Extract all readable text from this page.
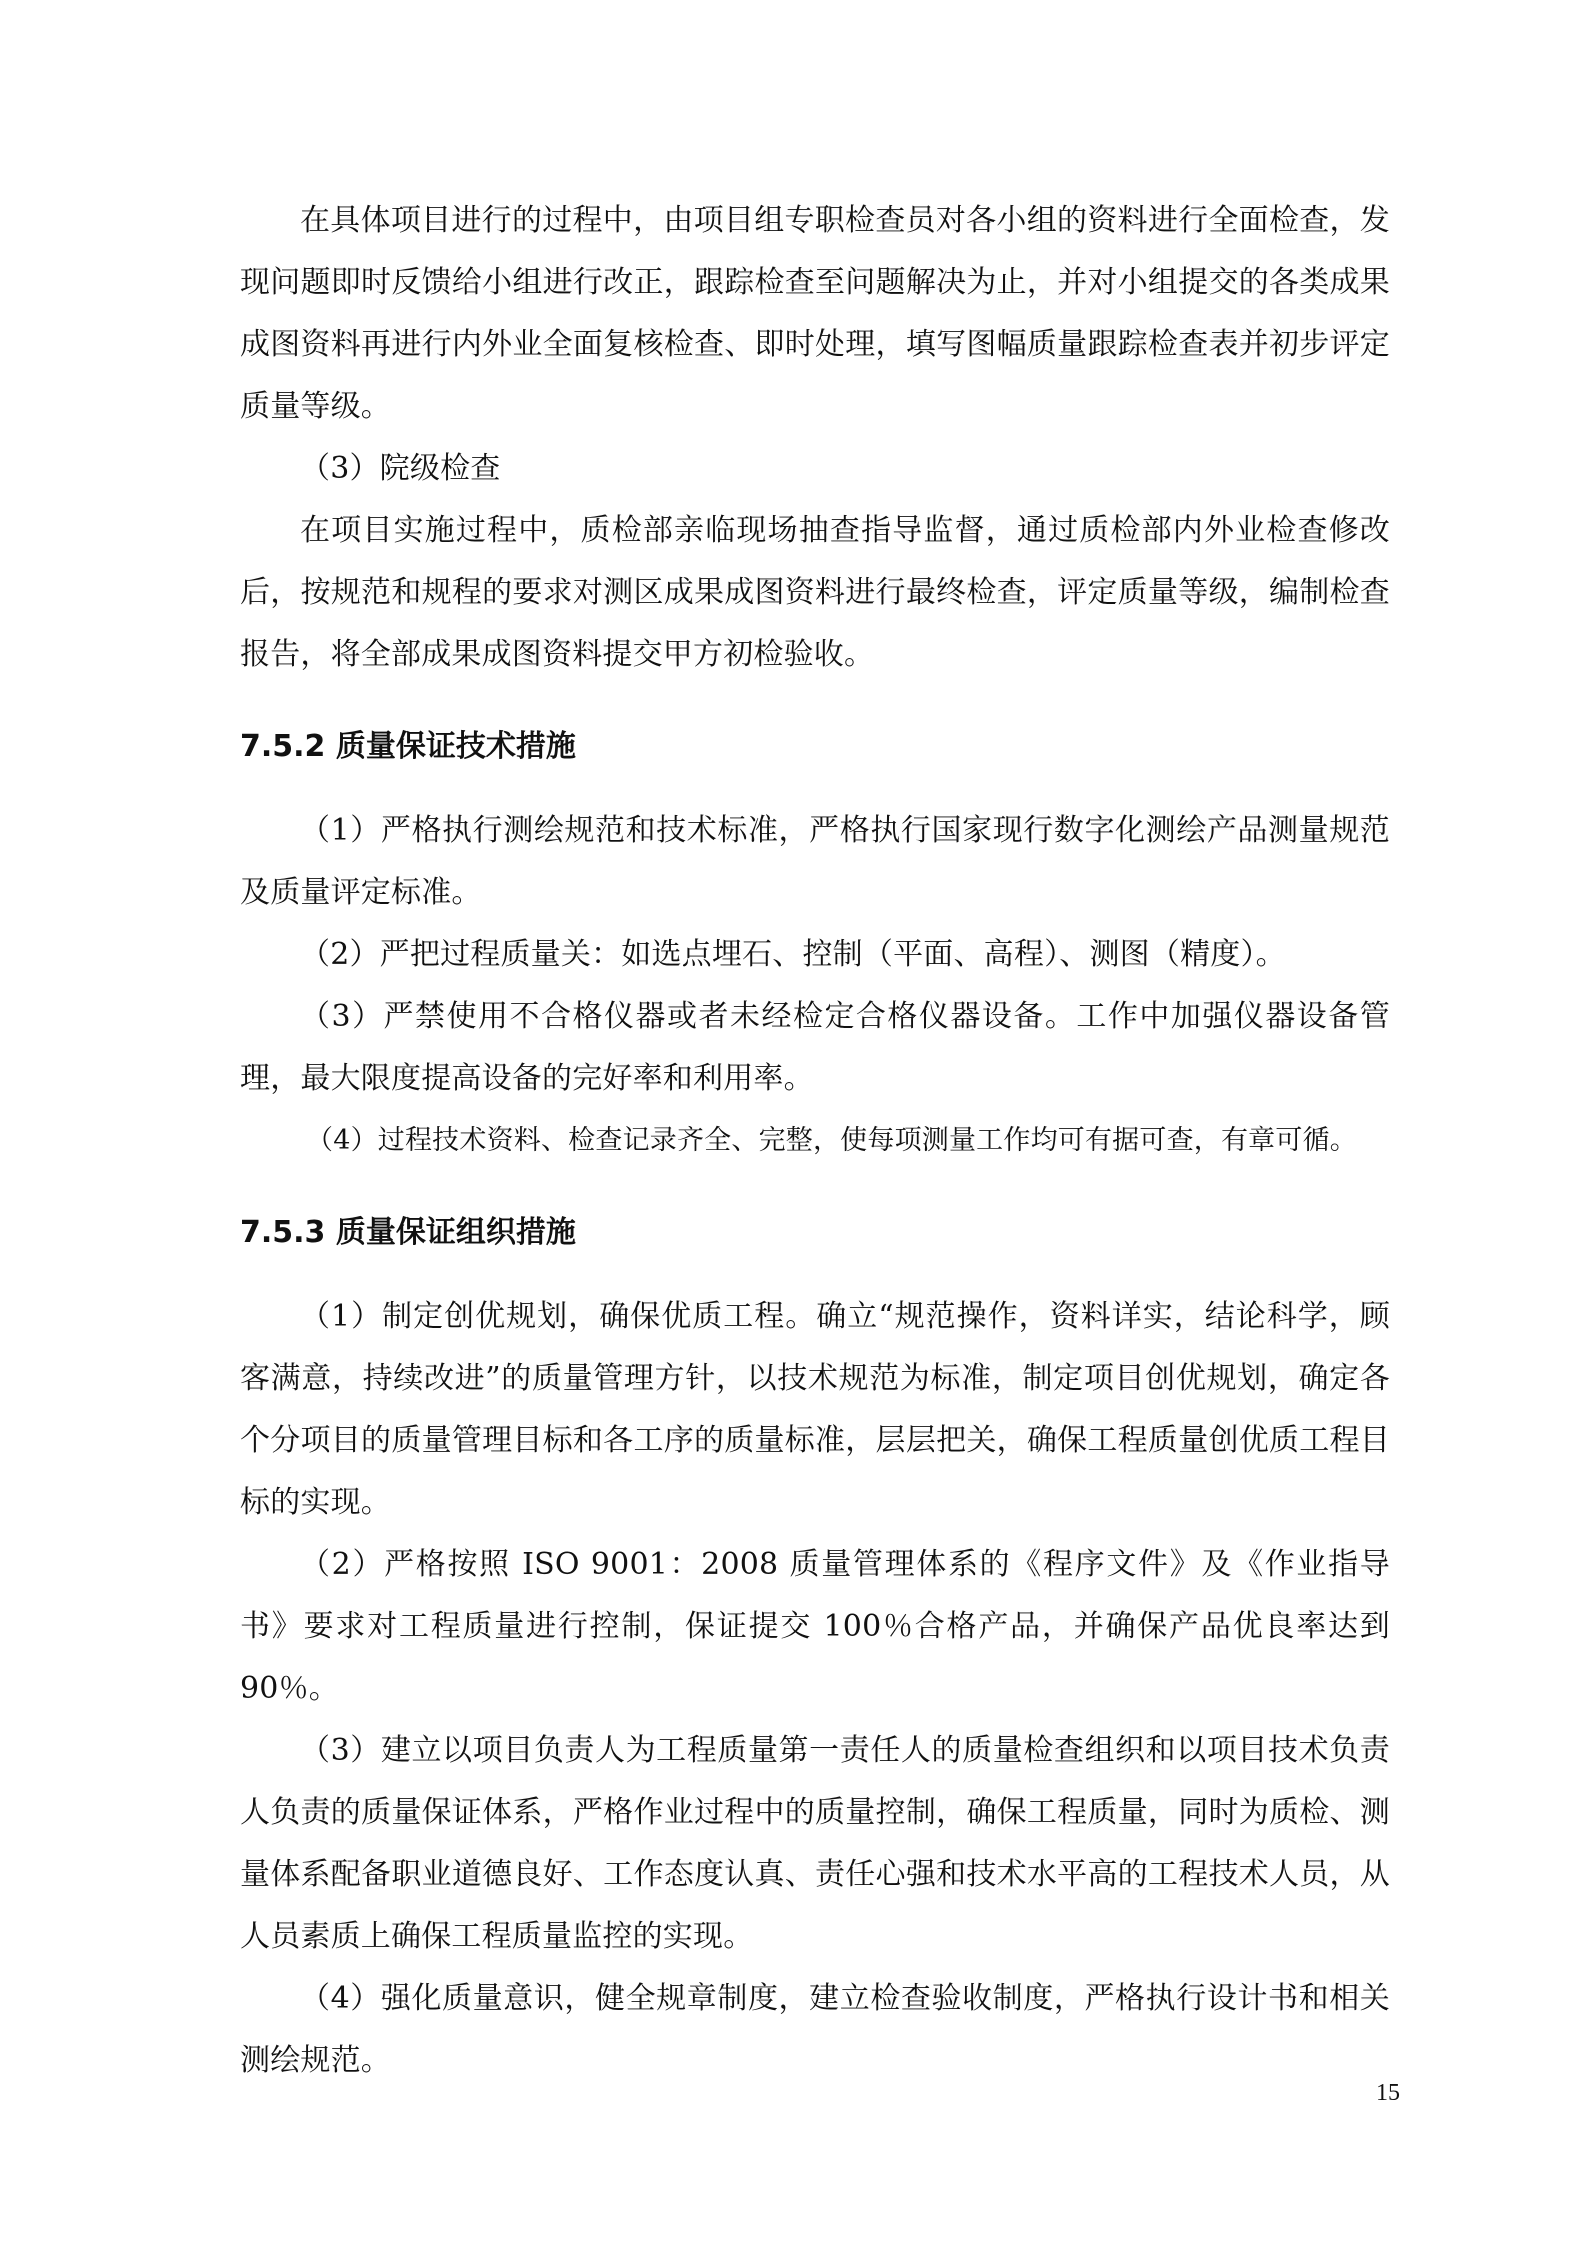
在具体项目进行的过程中，由项目组专职检查员对各小组的资料进行全面检查，发现问题即时反馈给小组进行改正，跟踪检查至问题解决为止，并对小组提交的各类成果成图资料再进行内外业全面复核检查、即时处理，填写图幅质量跟踪检查表并初步评定质量等级。

（3）院级检查

在项目实施过程中，质检部亲临现场抽查指导监督，通过质检部内外业检查修改后，按规范和规程的要求对测区成果成图资料进行最终检查，评定质量等级，编制检查报告，将全部成果成图资料提交甲方初检验收。

7.5.2 质量保证技术措施

（1）严格执行测绘规范和技术标准，严格执行国家现行数字化测绘产品测量规范及质量评定标准。

（2）严把过程质量关：如选点埋石、控制（平面、高程）、测图（精度）。

（3）严禁使用不合格仪器或者未经检定合格仪器设备。工作中加强仪器设备管理，最大限度提高设备的完好率和利用率。

（4）过程技术资料、检查记录齐全、完整，使每项测量工作均可有据可查，有章可循。

7.5.3 质量保证组织措施

（1）制定创优规划，确保优质工程。确立“规范操作，资料详实，结论科学，顾客满意，持续改进”的质量管理方针，以技术规范为标准，制定项目创优规划，确定各个分项目的质量管理目标和各工序的质量标准，层层把关，确保工程质量创优质工程目标的实现。

（2）严格按照 ISO 9001：2008 质量管理体系的《程序文件》及《作业指导书》要求对工程质量进行控制，保证提交 100％合格产品，并确保产品优良率达到 90％。

（3）建立以项目负责人为工程质量第一责任人的质量检查组织和以项目技术负责人负责的质量保证体系，严格作业过程中的质量控制，确保工程质量，同时为质检、测量体系配备职业道德良好、工作态度认真、责任心强和技术水平高的工程技术人员，从人员素质上确保工程质量监控的实现。

（4）强化质量意识，健全规章制度，建立检查验收制度，严格执行设计书和相关测绘规范。

15
